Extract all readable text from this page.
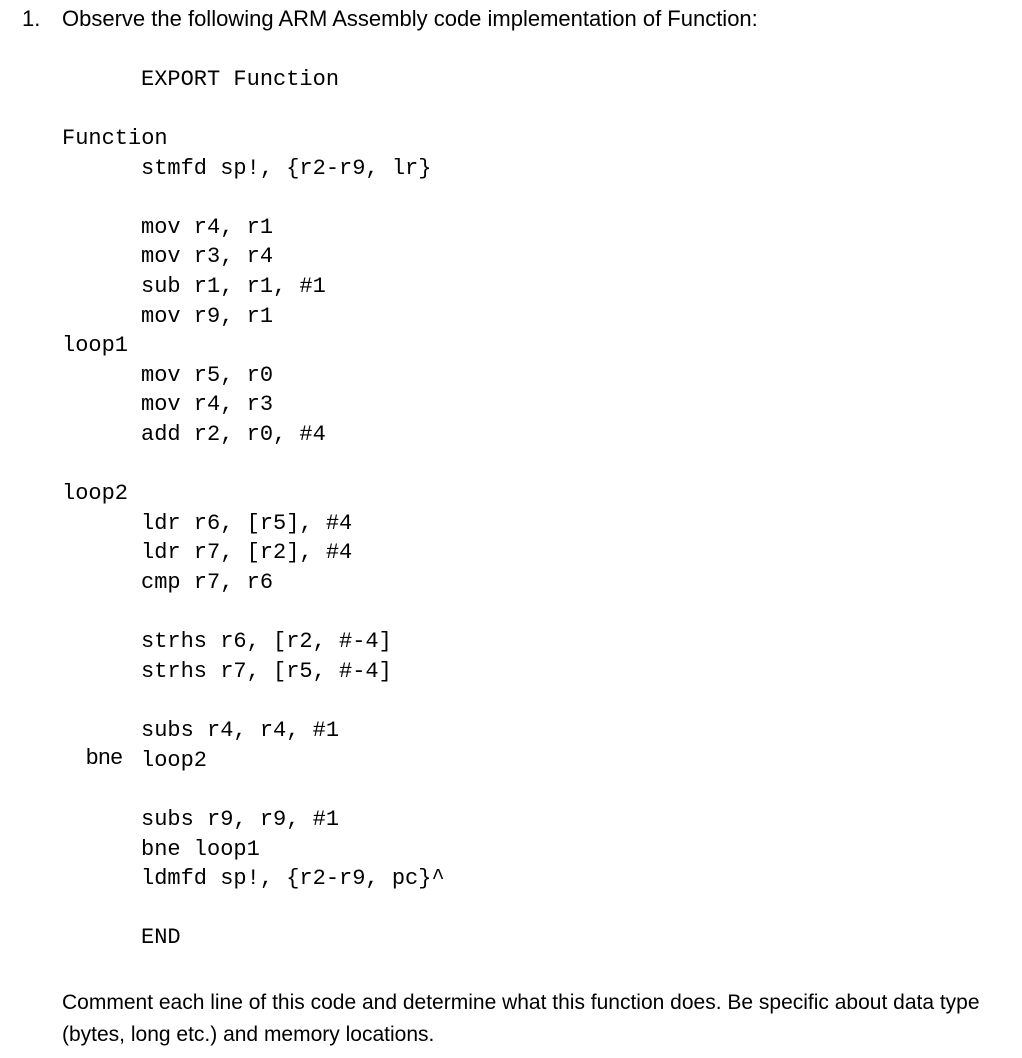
1. Observe the following ARM Assembly code implementation of Function:
EXPORT Function
Function
stmfd sp!, {r2-r9, lr}
mov r4, r1
mov r3, r4
sub r1, r1, #1
mov r9, r1
loop1
mov r5, r0
mov r4, r3
add r2, r0, #4
loop2
ldr r6, [r5], #4
ldr r7, [r2], #4
cmp r7, r6
strhs r6, [r2, #-4]
strhs r7, [r5, #-4]
subs r4, r4, #1
bne loop2
subs r9, r9, #1
bne loop1
ldmfd sp!, {r2-r9, pc}^
END
Comment each line of this code and determine what this function does. Be specific about data type (bytes, long etc.) and memory locations.
